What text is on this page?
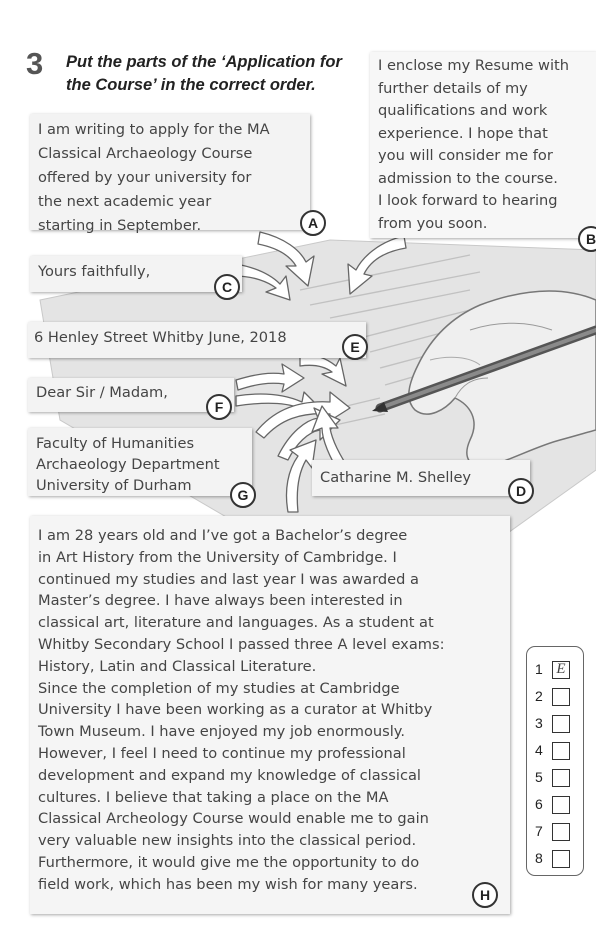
3 Put the parts of the ‘Application for the Course’ in the correct order.
I am writing to apply for the MA
Classical Archaeology Course
offered by your university for
the next academic year
starting in September.	A
I enclose my Resume with
further details of my
qualifications and work
experience. I hope that
you will consider me for
admission to the course.
I look forward to hearing
from you soon.
B
Yours faithfully,
C
6 Henley Street Whitby June, 2018
E
Dear Sir / Madam,
F
Faculty of Humanities
Archaeology Department
University of Durham
G
Catharine M. Shelley
D
I am 28 years old and I’ve got a Bachelor’s degree
in Art History from the University of Cambridge. I
continued my studies and last year I was awarded a
Master’s degree. I have always been interested in
classical art, literature and languages. As a student at
Whitby Secondary School I passed three A level exams:
History, Latin and Classical Literature.
Since the completion of my studies at Cambridge
University I have been working as a curator at Whitby
Town Museum. I have enjoyed my job enormously.
However, I feel I need to continue my professional
development and expand my knowledge of classical
cultures. I believe that taking a place on the MA
Classical Archeology Course would enable me to gain
very valuable new insights into the classical period.
Furthermore, it would give me the opportunity to do
field work, which has been my wish for many years.
H
1 E
2
3
4
5
6
7
8
